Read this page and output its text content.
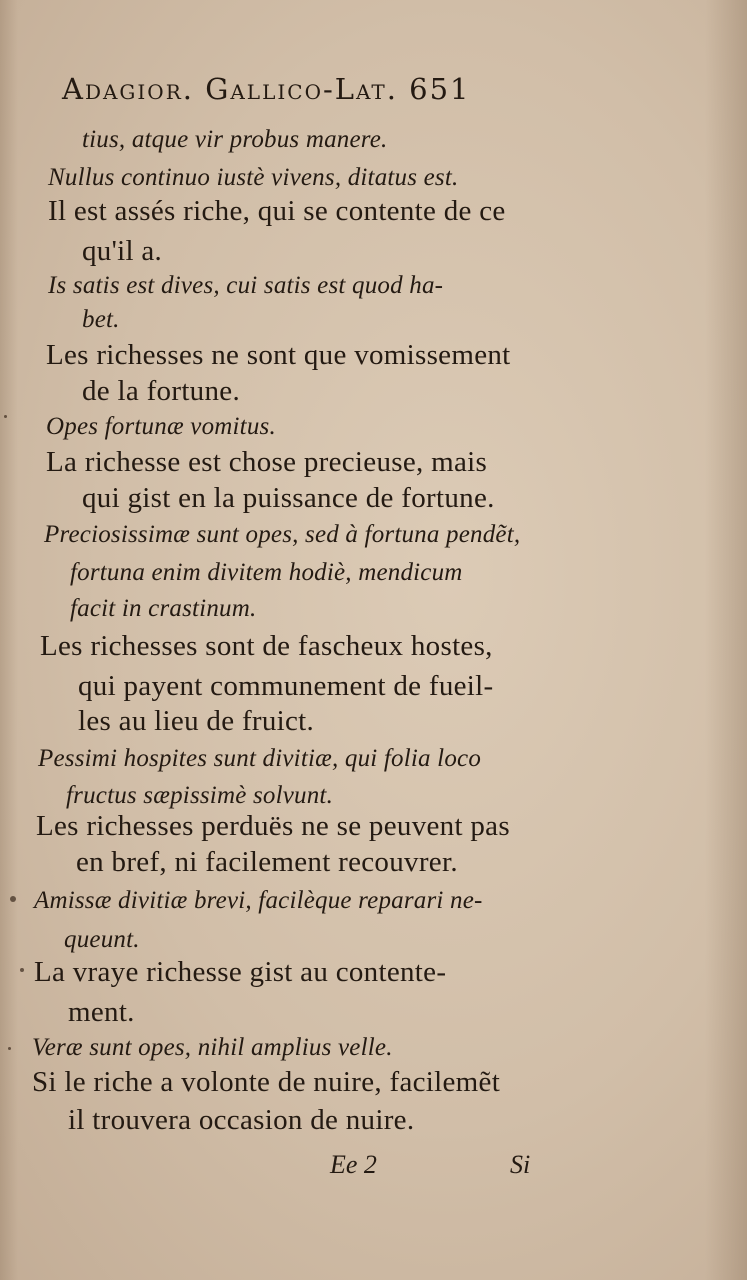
Adagior. Gallico-Lat. 651
tius, atque vir probus manere.
Nullus continuo iustè vivens, ditatus est.
Il est assés riche, qui se contente de ce
qu'il a.
Is satis est dives, cui satis est quod ha-
bet.
Les richesses ne sont que vomissement
de la fortune.
Opes fortunæ vomitus.
La richesse est chose precieuse, mais
qui gist en la puissance de fortune.
Preciosissimæ sunt opes, sed à fortuna pendẽt,
fortuna enim divitem hodiè, mendicum
facit in crastinum.
Les richesses sont de fascheux hostes,
qui payent communement de fueil-
les au lieu de fruict.
Pessimi hospites sunt divitiæ, qui folia loco
fructus sæpissimè solvunt.
Les richesses perduës ne se peuvent pas
en bref, ni facilement recouvrer.
Amissæ divitiæ brevi, facilèque reparari ne-
queunt.
La vraye richesse gist au contente-
ment.
Veræ sunt opes, nihil amplius velle.
Si le riche a volonte de nuire, facilemẽt
il trouvera occasion de nuire.
Ee 2	Si
